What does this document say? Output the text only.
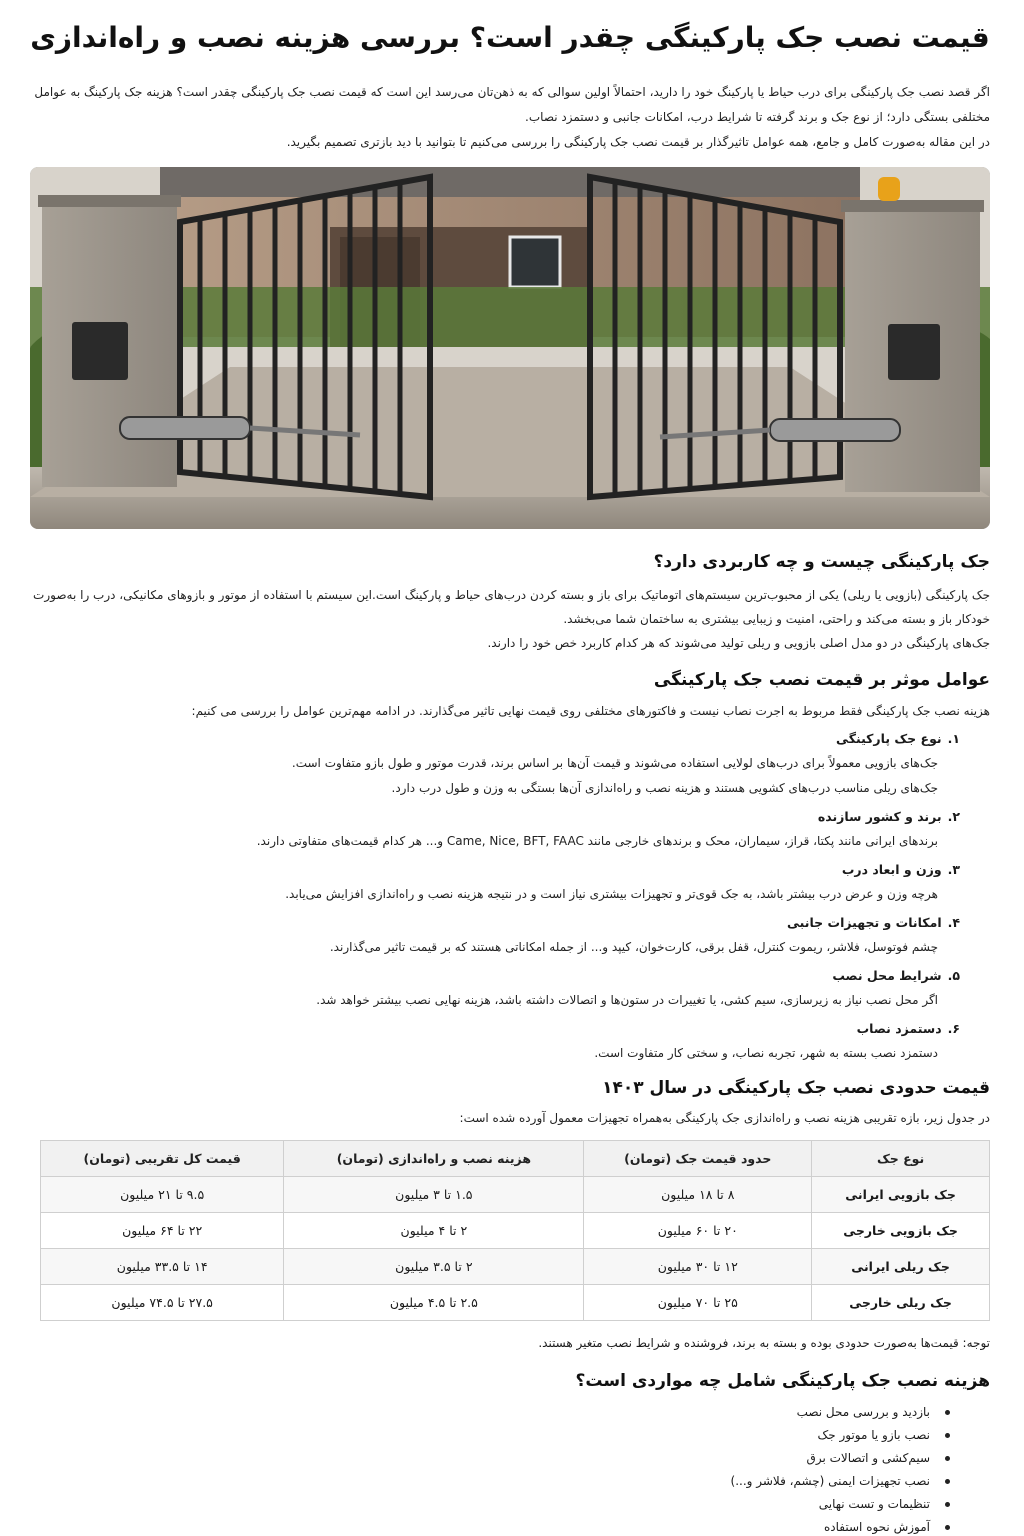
قیمت نصب جک پارکینگی چقدر است؟ بررسی هزینه نصب و راه‌اندازی

اگر قصد نصب جک پارکینگی برای درب حیاط یا پارکینگ خود را دارید، احتمالاً اولین سوالی که به ذهن‌تان می‌رسد این است که قیمت نصب جک پارکینگی چقدر است؟ هزینه جک پارکینگ به عوامل مختلفی بستگی دارد؛ از نوع جک و برند گرفته تا شرایط درب، امکانات جانبی و دستمزد نصاب.

در این مقاله به‌صورت کامل و جامع، همه عوامل تاثیرگذار بر قیمت نصب جک پارکینگی را بررسی می‌کنیم تا بتوانید با دید بازتری تصمیم بگیرید.

جک پارکینگی چیست و چه کاربردی دارد؟

جک پارکینگی (بازویی یا ریلی) یکی از محبوب‌ترین سیستم‌های اتوماتیک برای باز و بسته کردن درب‌های حیاط و پارکینگ است.این سیستم با استفاده از موتور و بازوهای مکانیکی، درب را به‌صورت خودکار باز و بسته می‌کند و راحتی، امنیت و زیبایی بیشتری به ساختمان شما می‌بخشد.

جک‌های پارکینگی در دو مدل اصلی بازویی و ریلی تولید می‌شوند که هر کدام کاربرد خص خود را دارند.

عوامل موثر بر قیمت نصب جک پارکینگی

هزینه نصب جک پارکینگی فقط مربوط به اجرت نصاب نیست و فاکتورهای مختلفی روی قیمت نهایی تاثیر می‌گذارند. در ادامه مهم‌ترین عوامل را بررسی می کنیم:

۱.نوع جک پارکینگی
جک‌های بازویی معمولاً برای درب‌های لولایی استفاده می‌شوند و قیمت آن‌ها بر اساس برند، قدرت موتور و طول بازو متفاوت است.
جک‌های ریلی مناسب درب‌های کشویی هستند و هزینه نصب و راه‌اندازی آن‌ها بستگی به وزن و طول درب دارد.
۲.برند و کشور سازنده
برندهای ایرانی مانند پکتا، قراز، سیماران، محک و برندهای خارجی مانند Came, Nice, BFT, FAAC و... هر کدام قیمت‌های متفاوتی دارند.
۳.وزن و ابعاد درب
هرچه وزن و عرض درب بیشتر باشد، به جک قوی‌تر و تجهیزات بیشتری نیاز است و در نتیجه هزینه نصب و راه‌اندازی افزایش می‌یابد.
۴.امکانات و تجهیزات جانبی
چشم فوتوسل، فلاشر، ریموت کنترل، قفل برقی، کارت‌خوان، کیپد و... از جمله امکاناتی هستند که بر قیمت تاثیر می‌گذارند.
۵.شرایط محل نصب
اگر محل نصب نیاز به زیرسازی، سیم کشی، یا تغییرات در ستون‌ها و اتصالات داشته باشد، هزینه نهایی نصب بیشتر خواهد شد.
۶.دستمزد نصاب
دستمزد نصب بسته به شهر، تجربه نصاب، و سختی کار متفاوت است.
قیمت حدودی نصب جک پارکینگی در سال ۱۴۰۳

در جدول زیر، بازه تقریبی هزینه نصب و راه‌اندازی جک پارکینگی به‌همراه تجهیزات معمول آورده شده است:

نوع جک	حدود قیمت جک (تومان)	هزینه نصب و راه‌اندازی (تومان)	قیمت کل تقریبی (تومان)
جک بازویی ایرانی	۸ تا ۱۸ میلیون	۱.۵ تا ۳ میلیون	۹.۵ تا ۲۱ میلیون
جک بازویی خارجی	۲۰ تا ۶۰ میلیون	۲ تا ۴ میلیون	۲۲ تا ۶۴ میلیون
جک ریلی ایرانی	۱۲ تا ۳۰ میلیون	۲ تا ۳.۵ میلیون	۱۴ تا ۳۳.۵ میلیون
جک ریلی خارجی	۲۵ تا ۷۰ میلیون	۲.۵ تا ۴.۵ میلیون	۲۷.۵ تا ۷۴.۵ میلیون

توجه: قیمت‌ها به‌صورت حدودی بوده و بسته به برند، فروشنده و شرایط نصب متغیر هستند.

هزینه نصب جک پارکینگی شامل چه مواردی است؟
بازدید و بررسی محل نصب
نصب بازو یا موتور جک
سیم‌کشی و اتصالات برق
نصب تجهیزات ایمنی (چشم، فلاشر و...)
تنظیمات و تست نهایی
آموزش نحوه استفاده
